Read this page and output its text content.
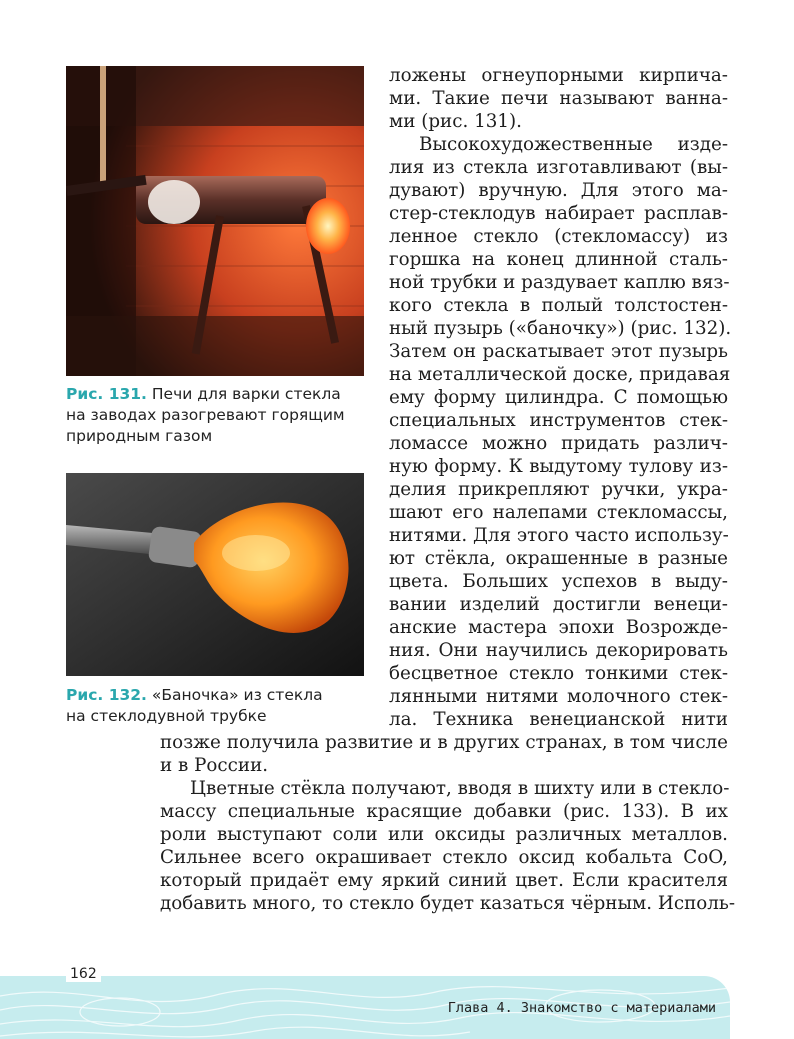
Рис. 131. Печи для варки стекла
на заводах разогревают горящим
природным газом
Рис. 132. «Баночка» из стекла
на стеклодувной трубке
ложены огнеупорными кирпича-
ми. Такие печи называют ванна-
ми (рис. 131).
Высокохудожественные изде-
лия из стекла изготавливают (вы-
дувают) вручную. Для этого ма-
стер-стеклодув набирает расплав-
ленное стекло (стекломассу) из
горшка на конец длинной сталь-
ной трубки и раздувает каплю вяз-
кого стекла в полый толстостен-
ный пузырь («баночку») (рис. 132).
Затем он раскатывает этот пузырь
на металлической доске, придавая
ему форму цилиндра. С помощью
специальных инструментов стек-
ломассе можно придать различ-
ную форму. К выдутому тулову из-
делия прикрепляют ручки, укра-
шают его налепами стекломассы,
нитями. Для этого часто использу-
ют стёкла, окрашенные в разные
цвета. Больших успехов в выду-
вании изделий достигли венеци-
анские мастера эпохи Возрожде-
ния. Они научились декорировать
бесцветное стекло тонкими стек-
лянными нитями молочного стек-
ла. Техника венецианской нити
позже получила развитие и в других странах, в том числе
и в России.
Цветные стёкла получают, вводя в шихту или в стекло-
массу специальные красящие добавки (рис. 133). В их
роли выступают соли или оксиды различных металлов.
Сильнее всего окрашивает стекло оксид кобальта CoO,
который придаёт ему яркий синий цвет. Если красителя
добавить много, то стекло будет казаться чёрным. Исполь-
162
Глава 4. Знакомство с материалами
